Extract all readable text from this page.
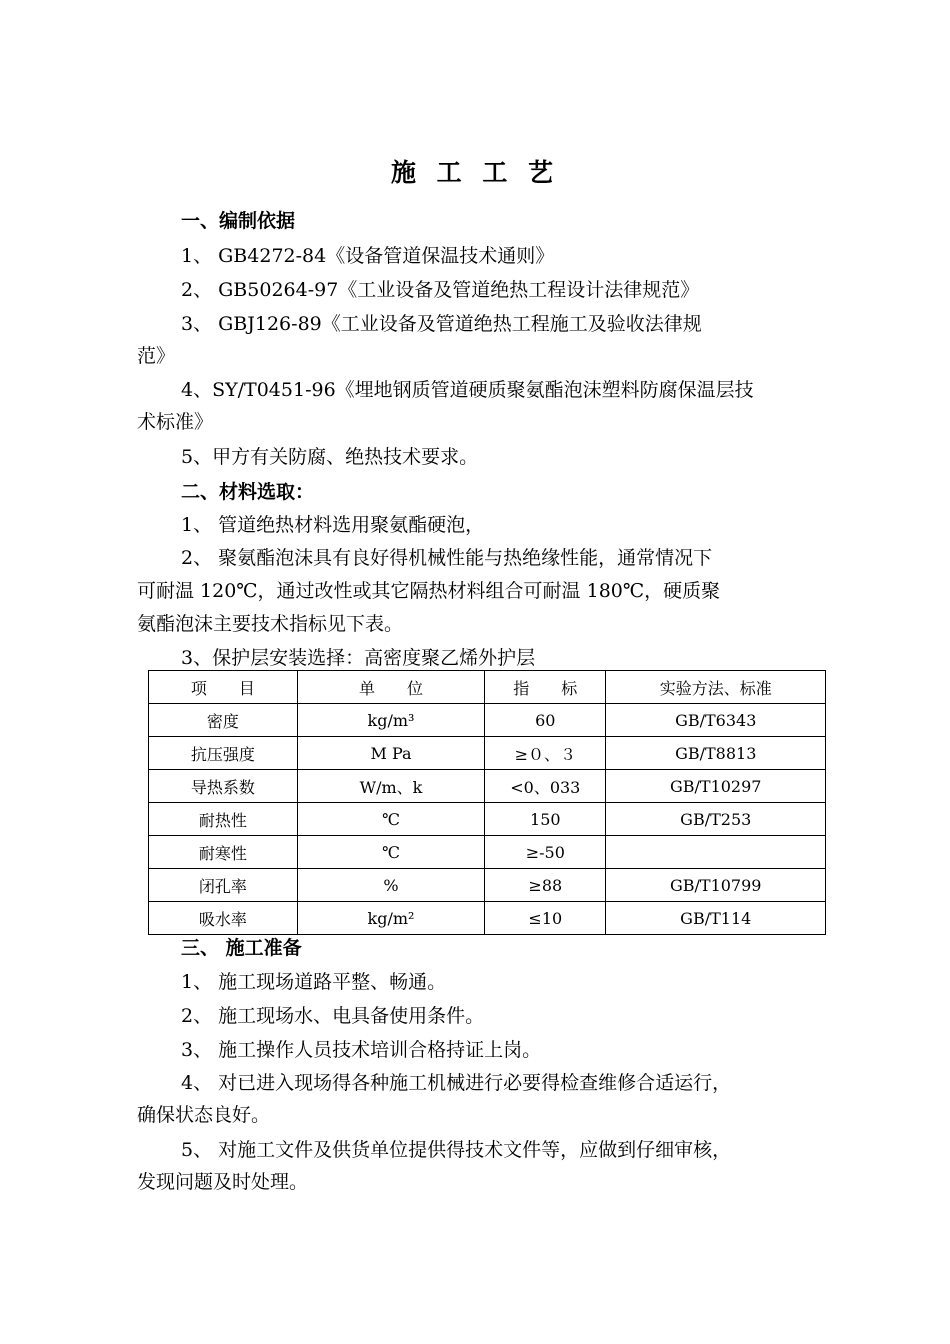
施 工 工 艺
一、编制依据
1、 GB4272-84《设备管道保温技术通则》
2、 GB50264-97《工业设备及管道绝热工程设计法律规范》
3、 GBJ126-89《工业设备及管道绝热工程施工及验收法律规
范》
4、SY/T0451-96《埋地钢质管道硬质聚氨酯泡沫塑料防腐保温层技
术标准》
5、甲方有关防腐、绝热技术要求。
二、材料选取：
1、 管道绝热材料选用聚氨酯硬泡，
2、 聚氨酯泡沫具有良好得机械性能与热绝缘性能，通常情况下
可耐温 120℃，通过改性或其它隔热材料组合可耐温 180℃，硬质聚
氨酯泡沫主要技术指标见下表。
3、保护层安装选择：高密度聚乙烯外护层
项　　目	单　　位	指　　标	实验方法、标准
密度	kg/m³	60	GB/T6343
抗压强度	M Pa	≥０、３	GB/T8813
导热系数	W/m、k	<0、033	GB/T10297
耐热性	℃	150	GB/T253
耐寒性	℃	≥-50	
闭孔率	%	≥88	GB/T10799
吸水率	kg/m²	≤10	GB/T114
三、 施工准备
1、 施工现场道路平整、畅通。
2、 施工现场水、电具备使用条件。
3、 施工操作人员技术培训合格持证上岗。
4、 对已进入现场得各种施工机械进行必要得检查维修合适运行，
确保状态良好。
5、 对施工文件及供货单位提供得技术文件等，应做到仔细审核，
发现问题及时处理。
